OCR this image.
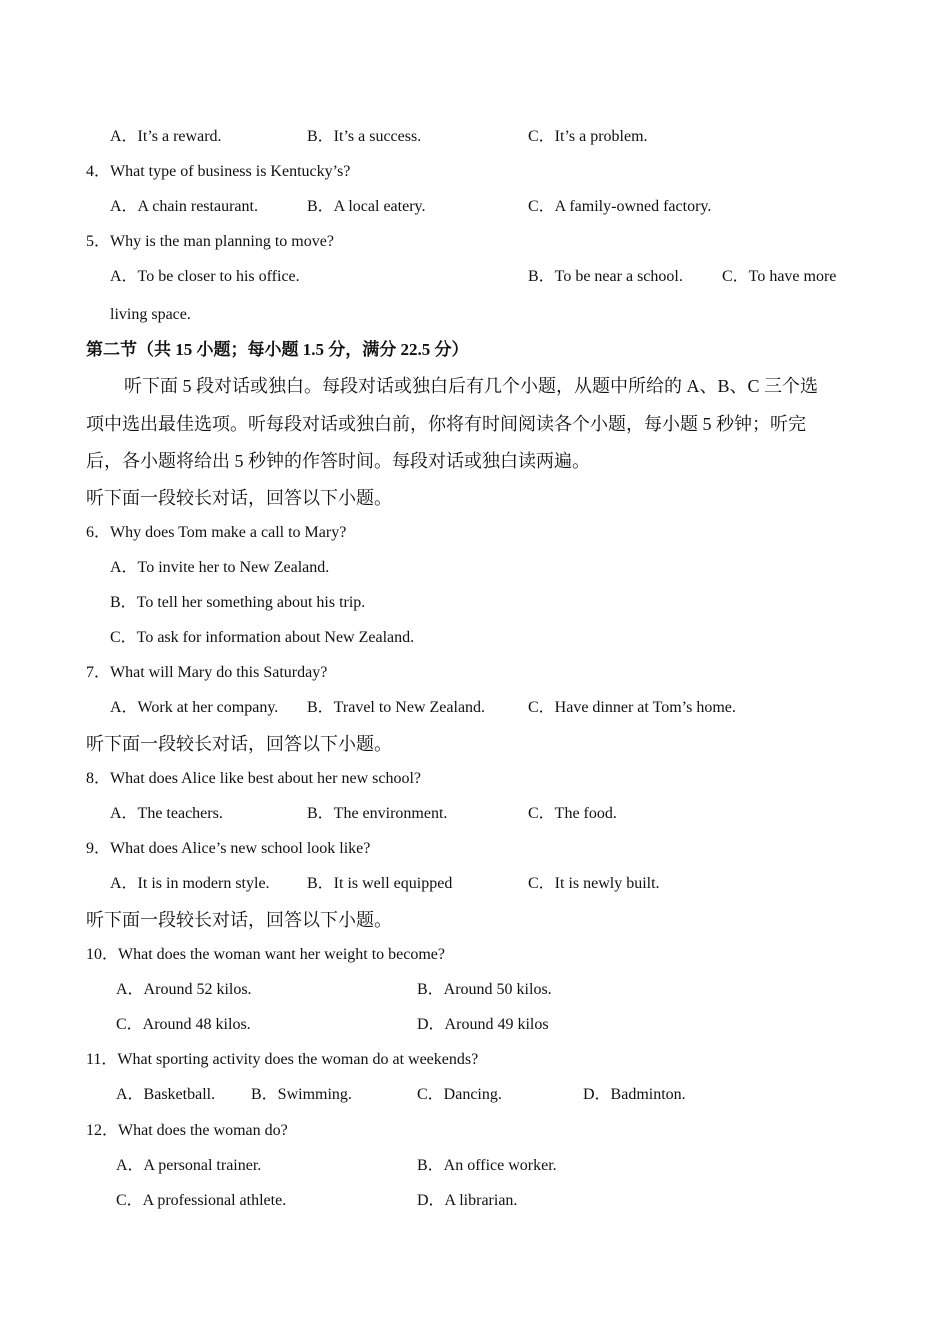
A．It’s a reward.	B．It’s a success.	C．It’s a problem.
4．What type of business is Kentucky’s?
A．A chain restaurant.	B．A local eatery.	C．A family-owned factory.
5．Why is the man planning to move?
A．To be closer to his office.	B．To be near a school. C．To have more
living space.
第二节（共 15 小题；每小题 1.5 分，满分 22.5 分）
听下面 5 段对话或独白。每段对话或独白后有几个小题，从题中所给的 A、B、C 三个选
项中选出最佳选项。听每段对话或独白前，你将有时间阅读各个小题，每小题 5 秒钟；听完
后，各小题将给出 5 秒钟的作答时间。每段对话或独白读两遍。
听下面一段较长对话，回答以下小题。
6．Why does Tom make a call to Mary?
A．To invite her to New Zealand.
B．To tell her something about his trip.
C．To ask for information about New Zealand.
7．What will Mary do this Saturday?
A．Work at her company. B．Travel to New Zealand.	C．Have dinner at Tom’s home.
听下面一段较长对话，回答以下小题。
8．What does Alice like best about her new school?
A．The teachers.	B．The environment.	C．The food.
9．What does Alice’s new school look like?
A．It is in modern style. B．It is well equipped	C．It is newly built.
听下面一段较长对话，回答以下小题。
10．What does the woman want her weight to become?
A．Around 52 kilos.	B．Around 50 kilos.
C．Around 48 kilos.	D．Around 49 kilos
11．What sporting activity does the woman do at weekends?
A．Basketball. B．Swimming.	C．Dancing.	D．Badminton.
12．What does the woman do?
A．A personal trainer.	B．An office worker.
C．A professional athlete.	D．A librarian.
